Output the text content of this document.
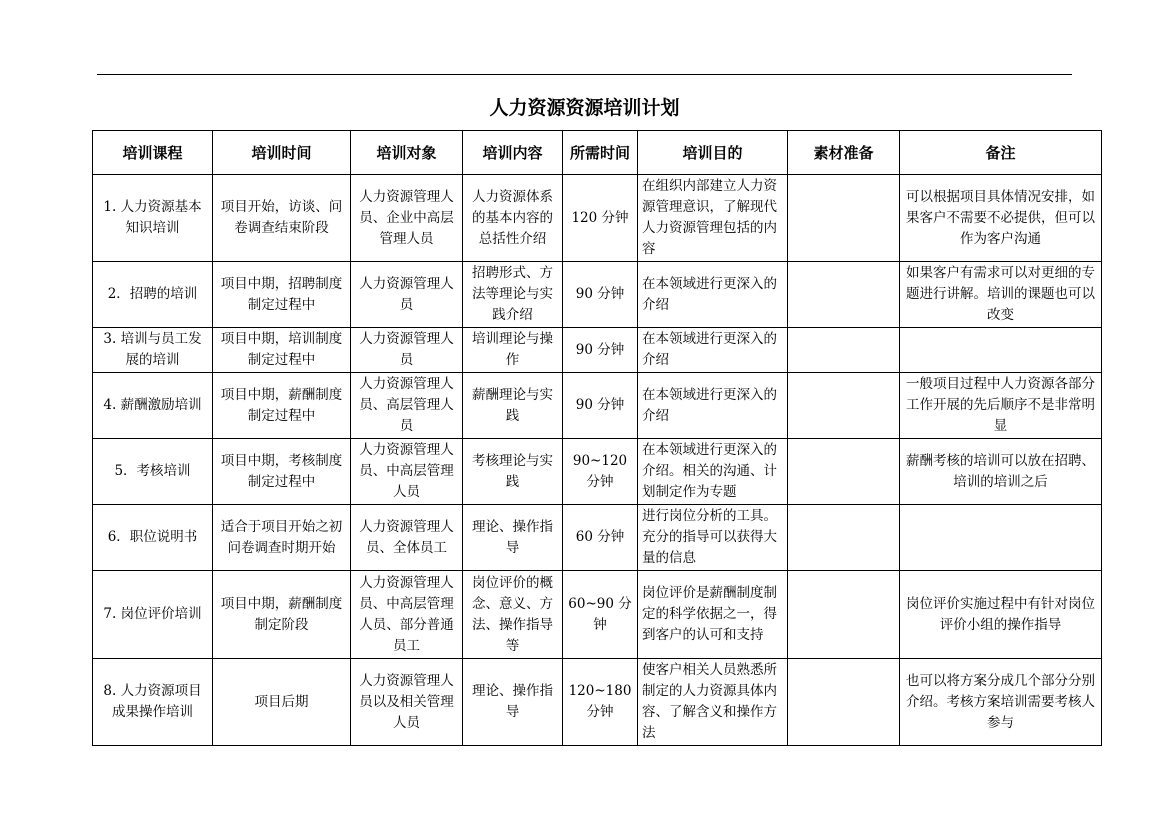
人力资源资源培训计划
培训课程	培训时间	培训对象	培训内容	所需时间	培训目的	素材准备	备注
1. 人力资源基本知识培训	项目开始，访谈、问卷调查结束阶段	人力资源管理人员、企业中高层管理人员	人力资源体系的基本内容的总括性介绍	120 分钟	在组织内部建立人力资源管理意识，了解现代人力资源管理包括的内容		可以根据项目具体情况安排，如果客户不需要不必提供，但可以作为客户沟通
2．招聘的培训	项目中期，招聘制度制定过程中	人力资源管理人员	招聘形式、方法等理论与实践介绍	90 分钟	在本领域进行更深入的介绍		如果客户有需求可以对更细的专题进行讲解。培训的课题也可以改变
3. 培训与员工发展的培训	项目中期，培训制度制定过程中	人力资源管理人员	培训理论与操作	90 分钟	在本领域进行更深入的介绍		
4. 薪酬激励培训	项目中期，薪酬制度制定过程中	人力资源管理人员、高层管理人员	薪酬理论与实践	90 分钟	在本领域进行更深入的介绍		一般项目过程中人力资源各部分工作开展的先后顺序不是非常明显
5．考核培训	项目中期，考核制度制定过程中	人力资源管理人员、中高层管理人员	考核理论与实践	90~120 分钟	在本领域进行更深入的介绍。相关的沟通、计划制定作为专题		薪酬考核的培训可以放在招聘、培训的培训之后
6．职位说明书	适合于项目开始之初问卷调查时期开始	人力资源管理人员、全体员工	理论、操作指导	60 分钟	进行岗位分析的工具。充分的指导可以获得大量的信息		
7. 岗位评价培训	项目中期，薪酬制度制定阶段	人力资源管理人员、中高层管理人员、部分普通员工	岗位评价的概念、意义、方法、操作指导等	60~90 分钟	岗位评价是薪酬制度制定的科学依据之一，得到客户的认可和支持		岗位评价实施过程中有针对岗位评价小组的操作指导
8. 人力资源项目成果操作培训	项目后期	人力资源管理人员以及相关管理人员	理论、操作指导	120~180 分钟	使客户相关人员熟悉所制定的人力资源具体内容、了解含义和操作方法		也可以将方案分成几个部分分别介绍。考核方案培训需要考核人参与
